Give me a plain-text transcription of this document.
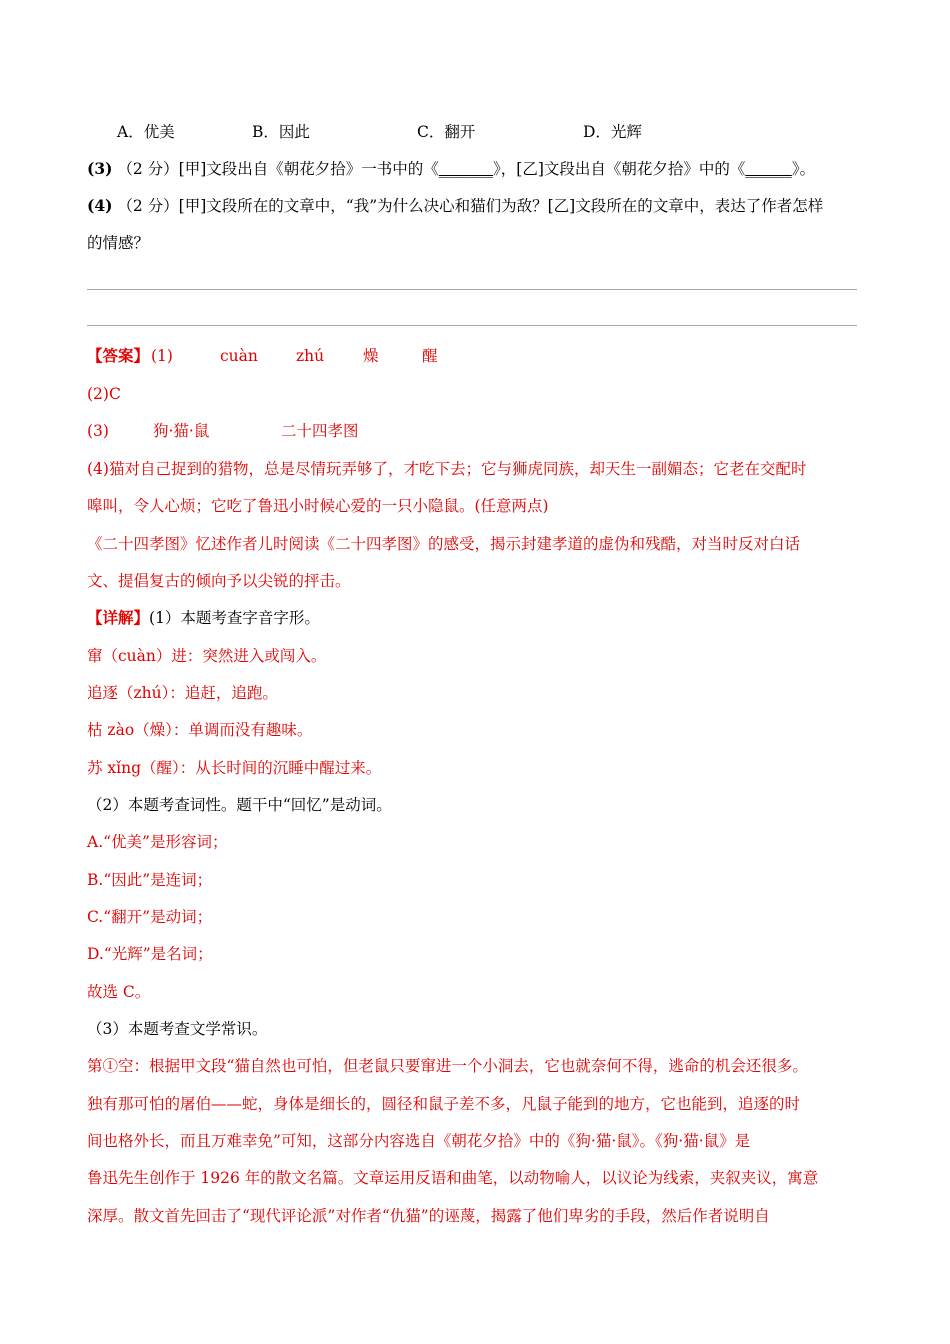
A．优美	B．因此	C．翻开	D．光辉
(3) （2 分）[甲]文段出自《朝花夕拾》一书中的《_______》，[乙]文段出自《朝花夕拾》中的《______》。
(4) （2 分）[甲]文段所在的文章中，“我”为什么决心和猫们为敌？[乙]文段所在的文章中，表达了作者怎样
的情感？
【答案】 (1)	cuàn zhú	燥	醒
(2)C
(3)	狗·猫·鼠	二十四孝图
(4)猫对自己捉到的猎物，总是尽情玩弄够了，才吃下去；它与狮虎同族，却天生一副媚态；它老在交配时
嗥叫，令人心烦；它吃了鲁迅小时候心爱的一只小隐鼠。(任意两点)
《二十四孝图》忆述作者儿时阅读《二十四孝图》的感受，揭示封建孝道的虚伪和残酷，对当时反对白话
文、提倡复古的倾向予以尖锐的抨击。
【详解】(1）本题考查字音字形。
窜（cuàn）进：突然进入或闯入。
追逐（zhú）：追赶，追跑。
枯 zào（燥）：单调而没有趣味。
苏 xǐng（醒）：从长时间的沉睡中醒过来。
（2）本题考查词性。题干中“回忆”是动词。
A.“优美”是形容词；
B.“因此”是连词；
C.“翻开”是动词；
D.“光辉”是名词；
故选 C。
（3）本题考查文学常识。
第①空：根据甲文段“猫自然也可怕，但老鼠只要窜进一个小洞去，它也就奈何不得，逃命的机会还很多。
独有那可怕的屠伯——蛇，身体是细长的，圆径和鼠子差不多，凡鼠子能到的地方，它也能到，追逐的时
间也格外长，而且万难幸免”可知，这部分内容选自《朝花夕拾》中的《狗·猫·鼠》。《狗·猫·鼠》是
鲁迅先生创作于 1926 年的散文名篇。文章运用反语和曲笔，以动物喻人，以议论为线索，夹叙夹议，寓意
深厚。散文首先回击了“现代评论派”对作者“仇猫”的诬蔑，揭露了他们卑劣的手段，然后作者说明自
